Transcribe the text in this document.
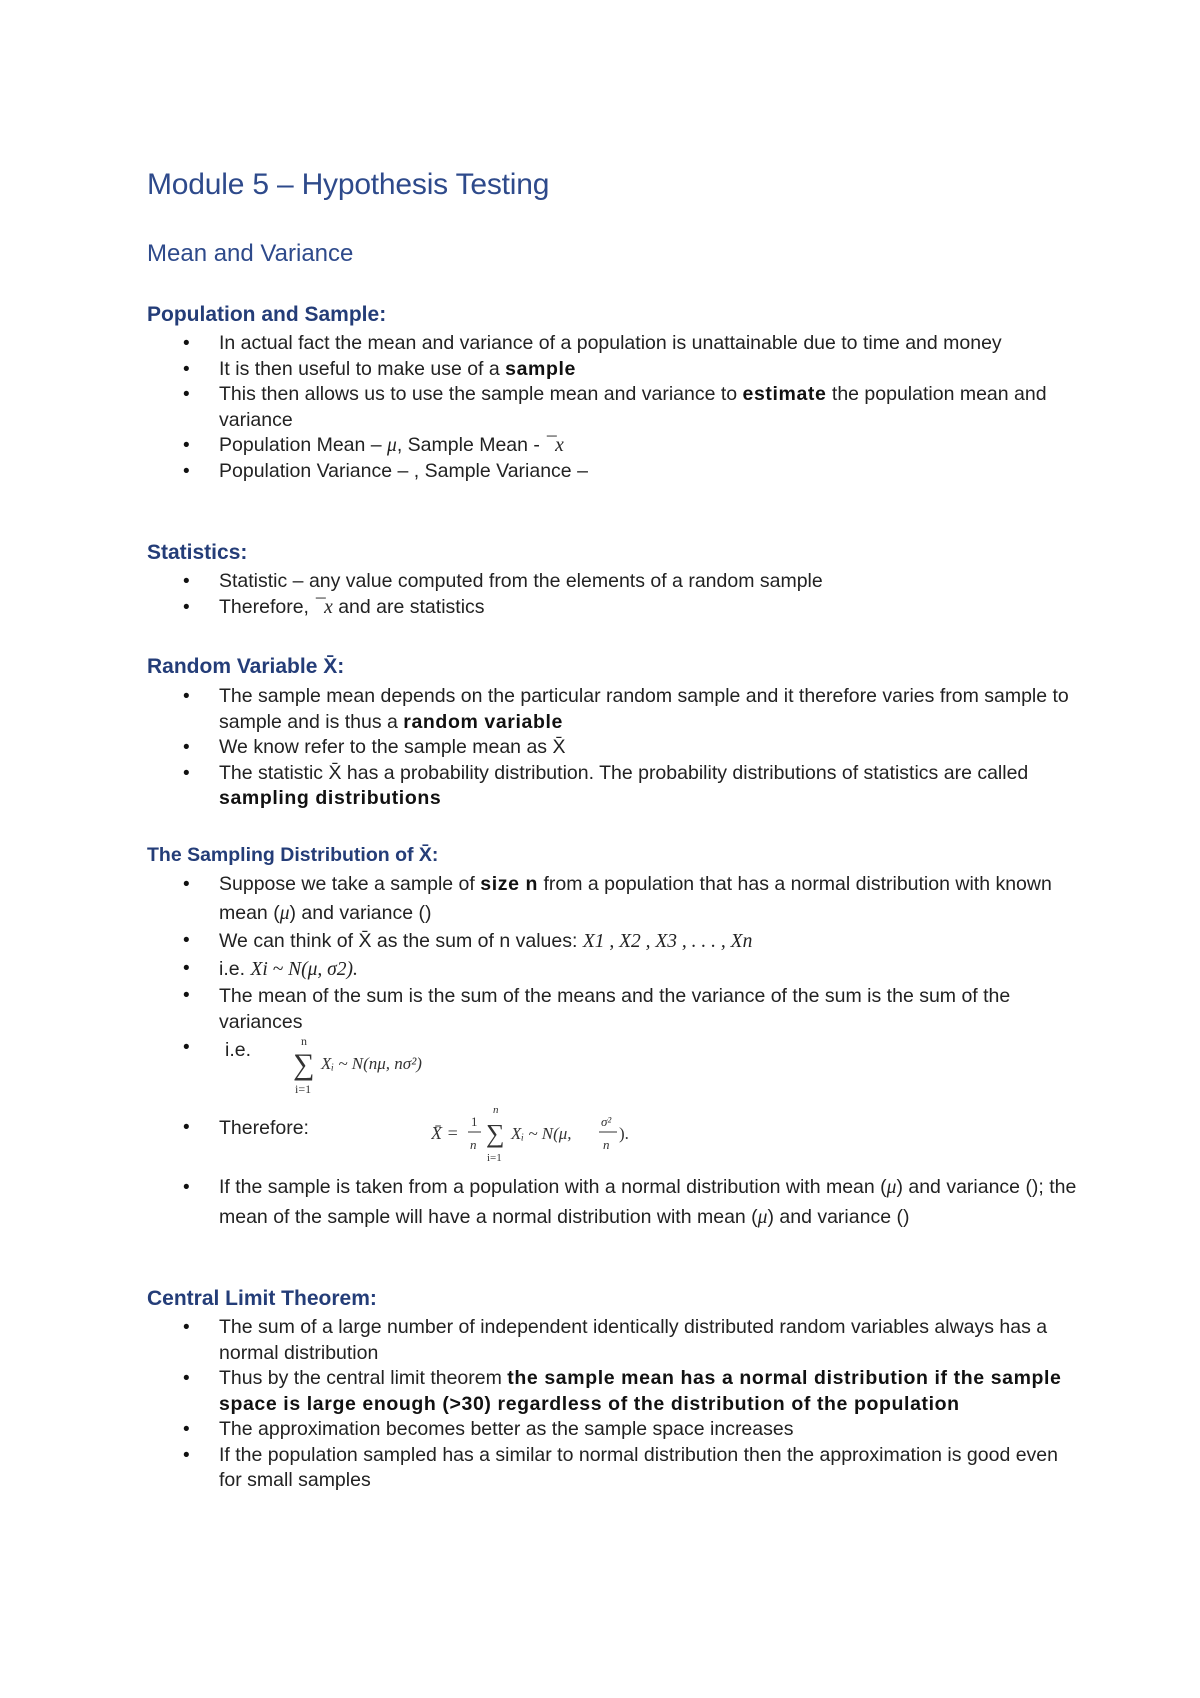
Module 5 – Hypothesis Testing
Mean and Variance
Population and Sample:
• In actual fact the mean and variance of a population is unattainable due to time and money
• It is then useful to make use of a sample
• This then allows us to use the sample mean and variance to estimate the population mean and variance
• Population Mean – μ, Sample Mean - ¯x
• Population Variance – , Sample Variance –
Statistics:
• Statistic – any value computed from the elements of a random sample
• Therefore, ¯x and are statistics
Random Variable X̄:
• The sample mean depends on the particular random sample and it therefore varies from sample to sample and is thus a random variable
• We know refer to the sample mean as X̄
• The statistic X̄ has a probability distribution. The probability distributions of statistics are called sampling distributions
The Sampling Distribution of X̄:
• Suppose we take a sample of size n from a population that has a normal distribution with known mean (μ) and variance ()
• We can think of X̄ as the sum of n values: X1 , X2 , X3 , . . . , Xn
• i.e. Xi ~ N(μ, σ2).
• The mean of the sum is the sum of the means and the variance of the sum is the sum of the variances
• i.e.	n
∑
i=1
Xᵢ ~ N(nμ, nσ²)
• Therefore:	X̄ =
1
n
n
∑
i=1
Xᵢ ~ N(μ,
σ²
n
).
• If the sample is taken from a population with a normal distribution with mean (μ) and variance (); the mean of the sample will have a normal distribution with mean (μ) and variance ()
Central Limit Theorem:
• The sum of a large number of independent identically distributed random variables always has a normal distribution
• Thus by the central limit theorem the sample mean has a normal distribution if the sample space is large enough (>30) regardless of the distribution of the population
• The approximation becomes better as the sample space increases
• If the population sampled has a similar to normal distribution then the approximation is good even for small samples
